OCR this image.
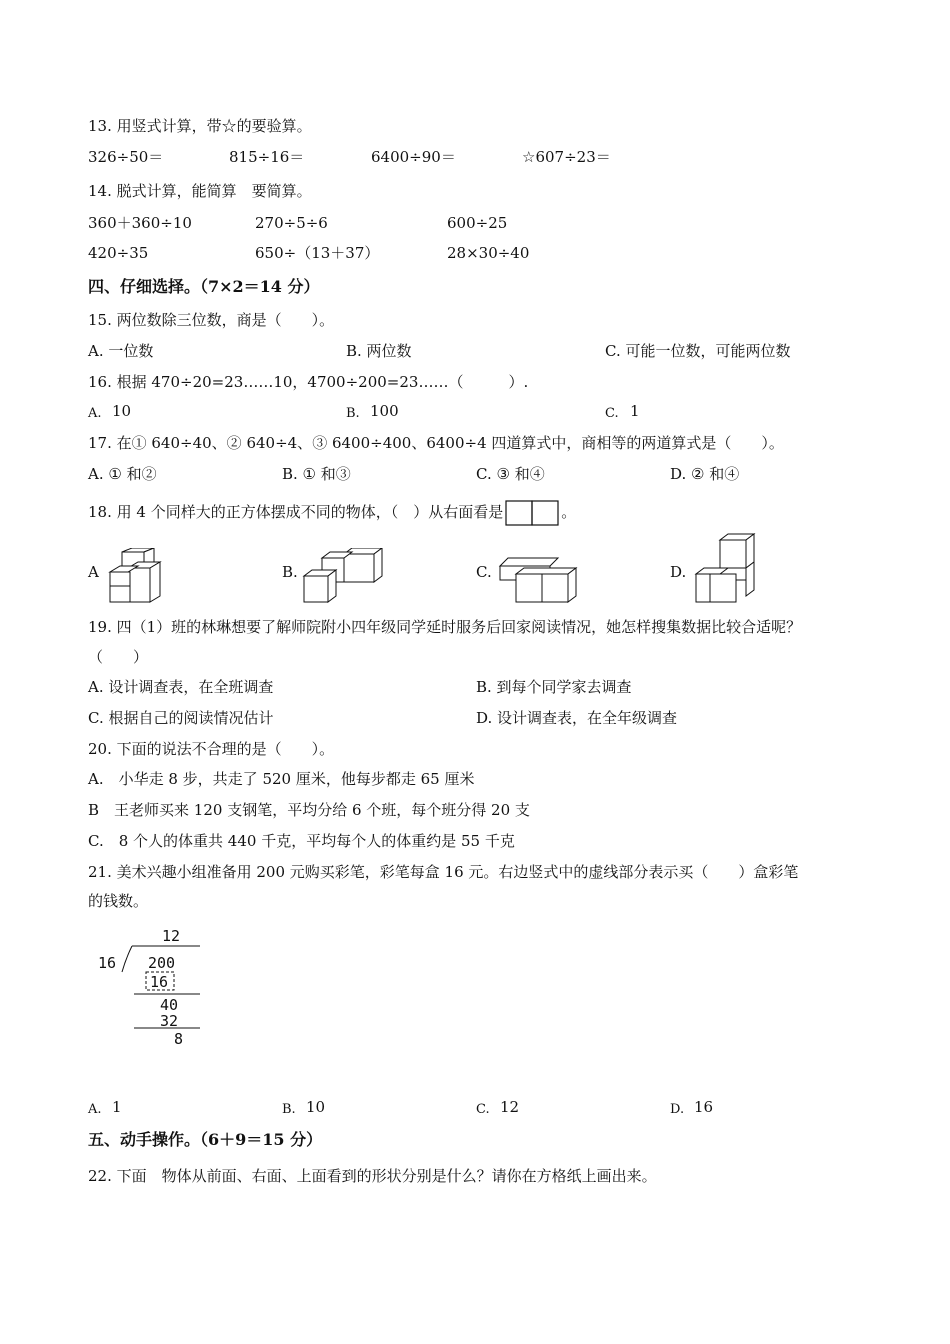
13. 用竖式计算，带☆的要验算。
326÷50＝	815÷16＝	6400÷90＝	☆607÷23＝
14. 脱式计算，能简算　要简算。
360＋360÷10	270÷5÷6	600÷25
420÷35	650÷（13＋37）	28×30÷40
四、仔细选择。（7×2＝14 分）
15. 两位数除三位数，商是（　　）。
A. 一位数	B. 两位数	C. 可能一位数，可能两位数
16. 根据 470÷20=23……10，4700÷200=23……（　　　）.
A. 10	B. 100	C. 1
17. 在① 640÷40、② 640÷4、③ 6400÷400、6400÷4 四道算式中，商相等的两道算式是（　　）。
A. ① 和②	B. ① 和③	C. ③ 和④	D. ② 和④
18. 用 4 个同样大的正方体摆成不同的物体，（　）从右面看是	。
A	B.	C.	D.
19. 四（1）班的林琳想要了解师院附小四年级同学延时服务后回家阅读情况，她怎样搜集数据比较合适呢？
（　　）
A. 设计调查表，在全班调查	B. 到每个同学家去调查
C. 根据自己的阅读情况估计	D. 设计调查表，在全年级调查
20. 下面的说法不合理的是（　　）。
A.　小华走 8 步，共走了 520 厘米，他每步都走 65 厘米
B　王老师买来 120 支钢笔，平均分给 6 个班，每个班分得 20 支
C.　8 个人的体重共 440 千克，平均每个人的体重约是 55 千克
21. 美术兴趣小组准备用 200 元购买彩笔，彩笔每盒 16 元。右边竖式中的虚线部分表示买（　　）盒彩笔
的钱数。
12
16 200
16
40
32
8
A. 1	B. 10	C. 12	D. 16
五、动手操作。（6＋9＝15 分）
22. 下面　物体从前面、右面、上面看到的形状分别是什么？请你在方格纸上画出来。
